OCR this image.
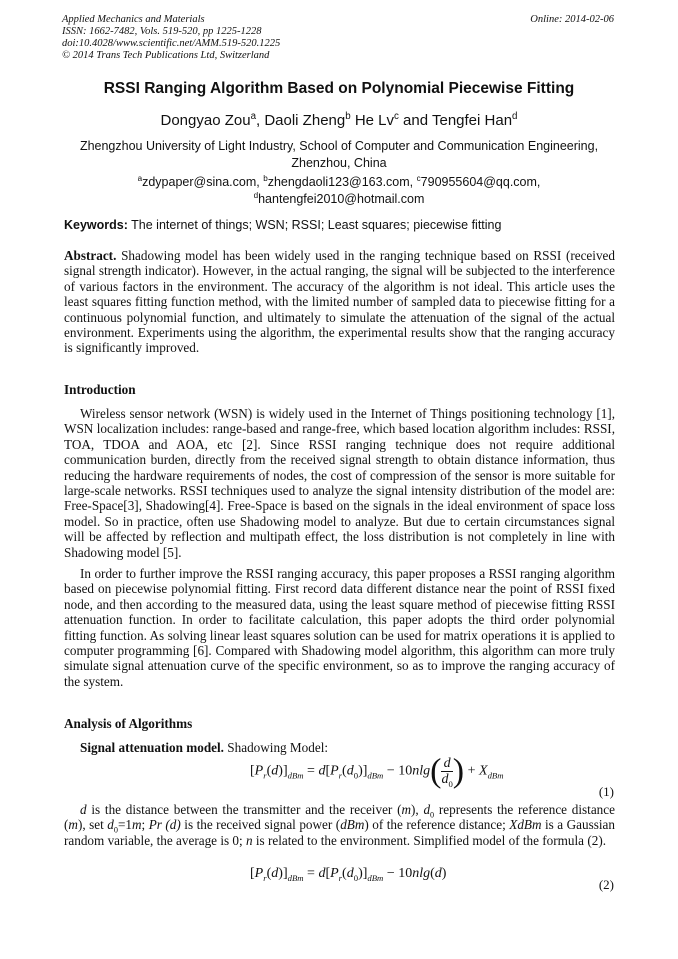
Applied Mechanics and Materials
ISSN: 1662-7482, Vols. 519-520, pp 1225-1228
doi:10.4028/www.scientific.net/AMM.519-520.1225
© 2014 Trans Tech Publications Ltd, Switzerland
Online: 2014-02-06
RSSI Ranging Algorithm Based on Polynomial Piecewise Fitting
Dongyao Zou$^a$, Daoli Zheng$^b$ He Lv$^c$ and Tengfei Han$^d$
Zhengzhou University of Light Industry, School of Computer and Communication Engineering, Zhenzhou, China
$^a$zdypaper@sina.com, $^b$zhengdaoli123@163.com, $^c$790955604@qq.com,
$^d$hantengfei2010@hotmail.com
Keywords: The internet of things; WSN; RSSI; Least squares; piecewise fitting
Abstract. Shadowing model has been widely used in the ranging technique based on RSSI (received signal strength indicator). However, in the actual ranging, the signal will be subjected to the interference of various factors in the environment. The accuracy of the algorithm is not ideal. This article uses the least squares fitting function method, with the limited number of sampled data to piecewise fitting for a continuous polynomial function, and ultimately to simulate the attenuation of the signal of the actual environment. Experiments using the algorithm, the experimental results show that the ranging accuracy is significantly improved.
Introduction
Wireless sensor network (WSN) is widely used in the Internet of Things positioning technology [1], WSN localization includes: range-based and range-free, which based location algorithm includes: RSSI, TOA, TDOA and AOA, etc [2]. Since RSSI ranging technique does not require additional communication burden, directly from the received signal strength to obtain distance information, thus reducing the hardware requirements of nodes, the cost of compression of the sensor is more suitable for large-scale networks. RSSI techniques used to analyze the signal intensity distribution of the model are: Free-Space[3], Shadowing[4]. Free-Space is based on the signals in the ideal environment of space loss model. So in practice, often use Shadowing model to analyze. But due to certain circumstances signal will be affected by reflection and multipath effect, the loss distribution is not completely in line with Shadowing model [5].
In order to further improve the RSSI ranging accuracy, this paper proposes a RSSI ranging algorithm based on piecewise polynomial fitting. First record data different distance near the point of RSSI fixed node, and then according to the measured data, using the least square method of piecewise fitting RSSI attenuation function. In order to facilitate calculation, this paper adopts the third order polynomial fitting function. As solving linear least squares solution can be used for matrix operations it is applied to computer programming [6]. Compared with Shadowing model algorithm, this algorithm can more truly simulate signal attenuation curve of the specific environment, so as to improve the ranging accuracy of the system.
Analysis of Algorithms
Signal attenuation model. Shadowing Model:
$[P_r(d)]_{dBm} = d[P_r(d_0)]_{dBm} - 10nlg( \frac{d}{d_0}$ ) + $X_{dBm}$
(1)
d is the distance between the transmitter and the receiver (m), $d_0$ represents the reference distance (m), set $d_0=1m$; Pr (d) is the received signal power (dBm) of the reference distance; XdBm is a Gaussian random variable, the average is 0; n is related to the environment. Simplified model of the formula (2).
$[P_r(d)]_{dBm} = d[P_r(d_0)]_{dBm} - 10nlg(d)$
(2)
